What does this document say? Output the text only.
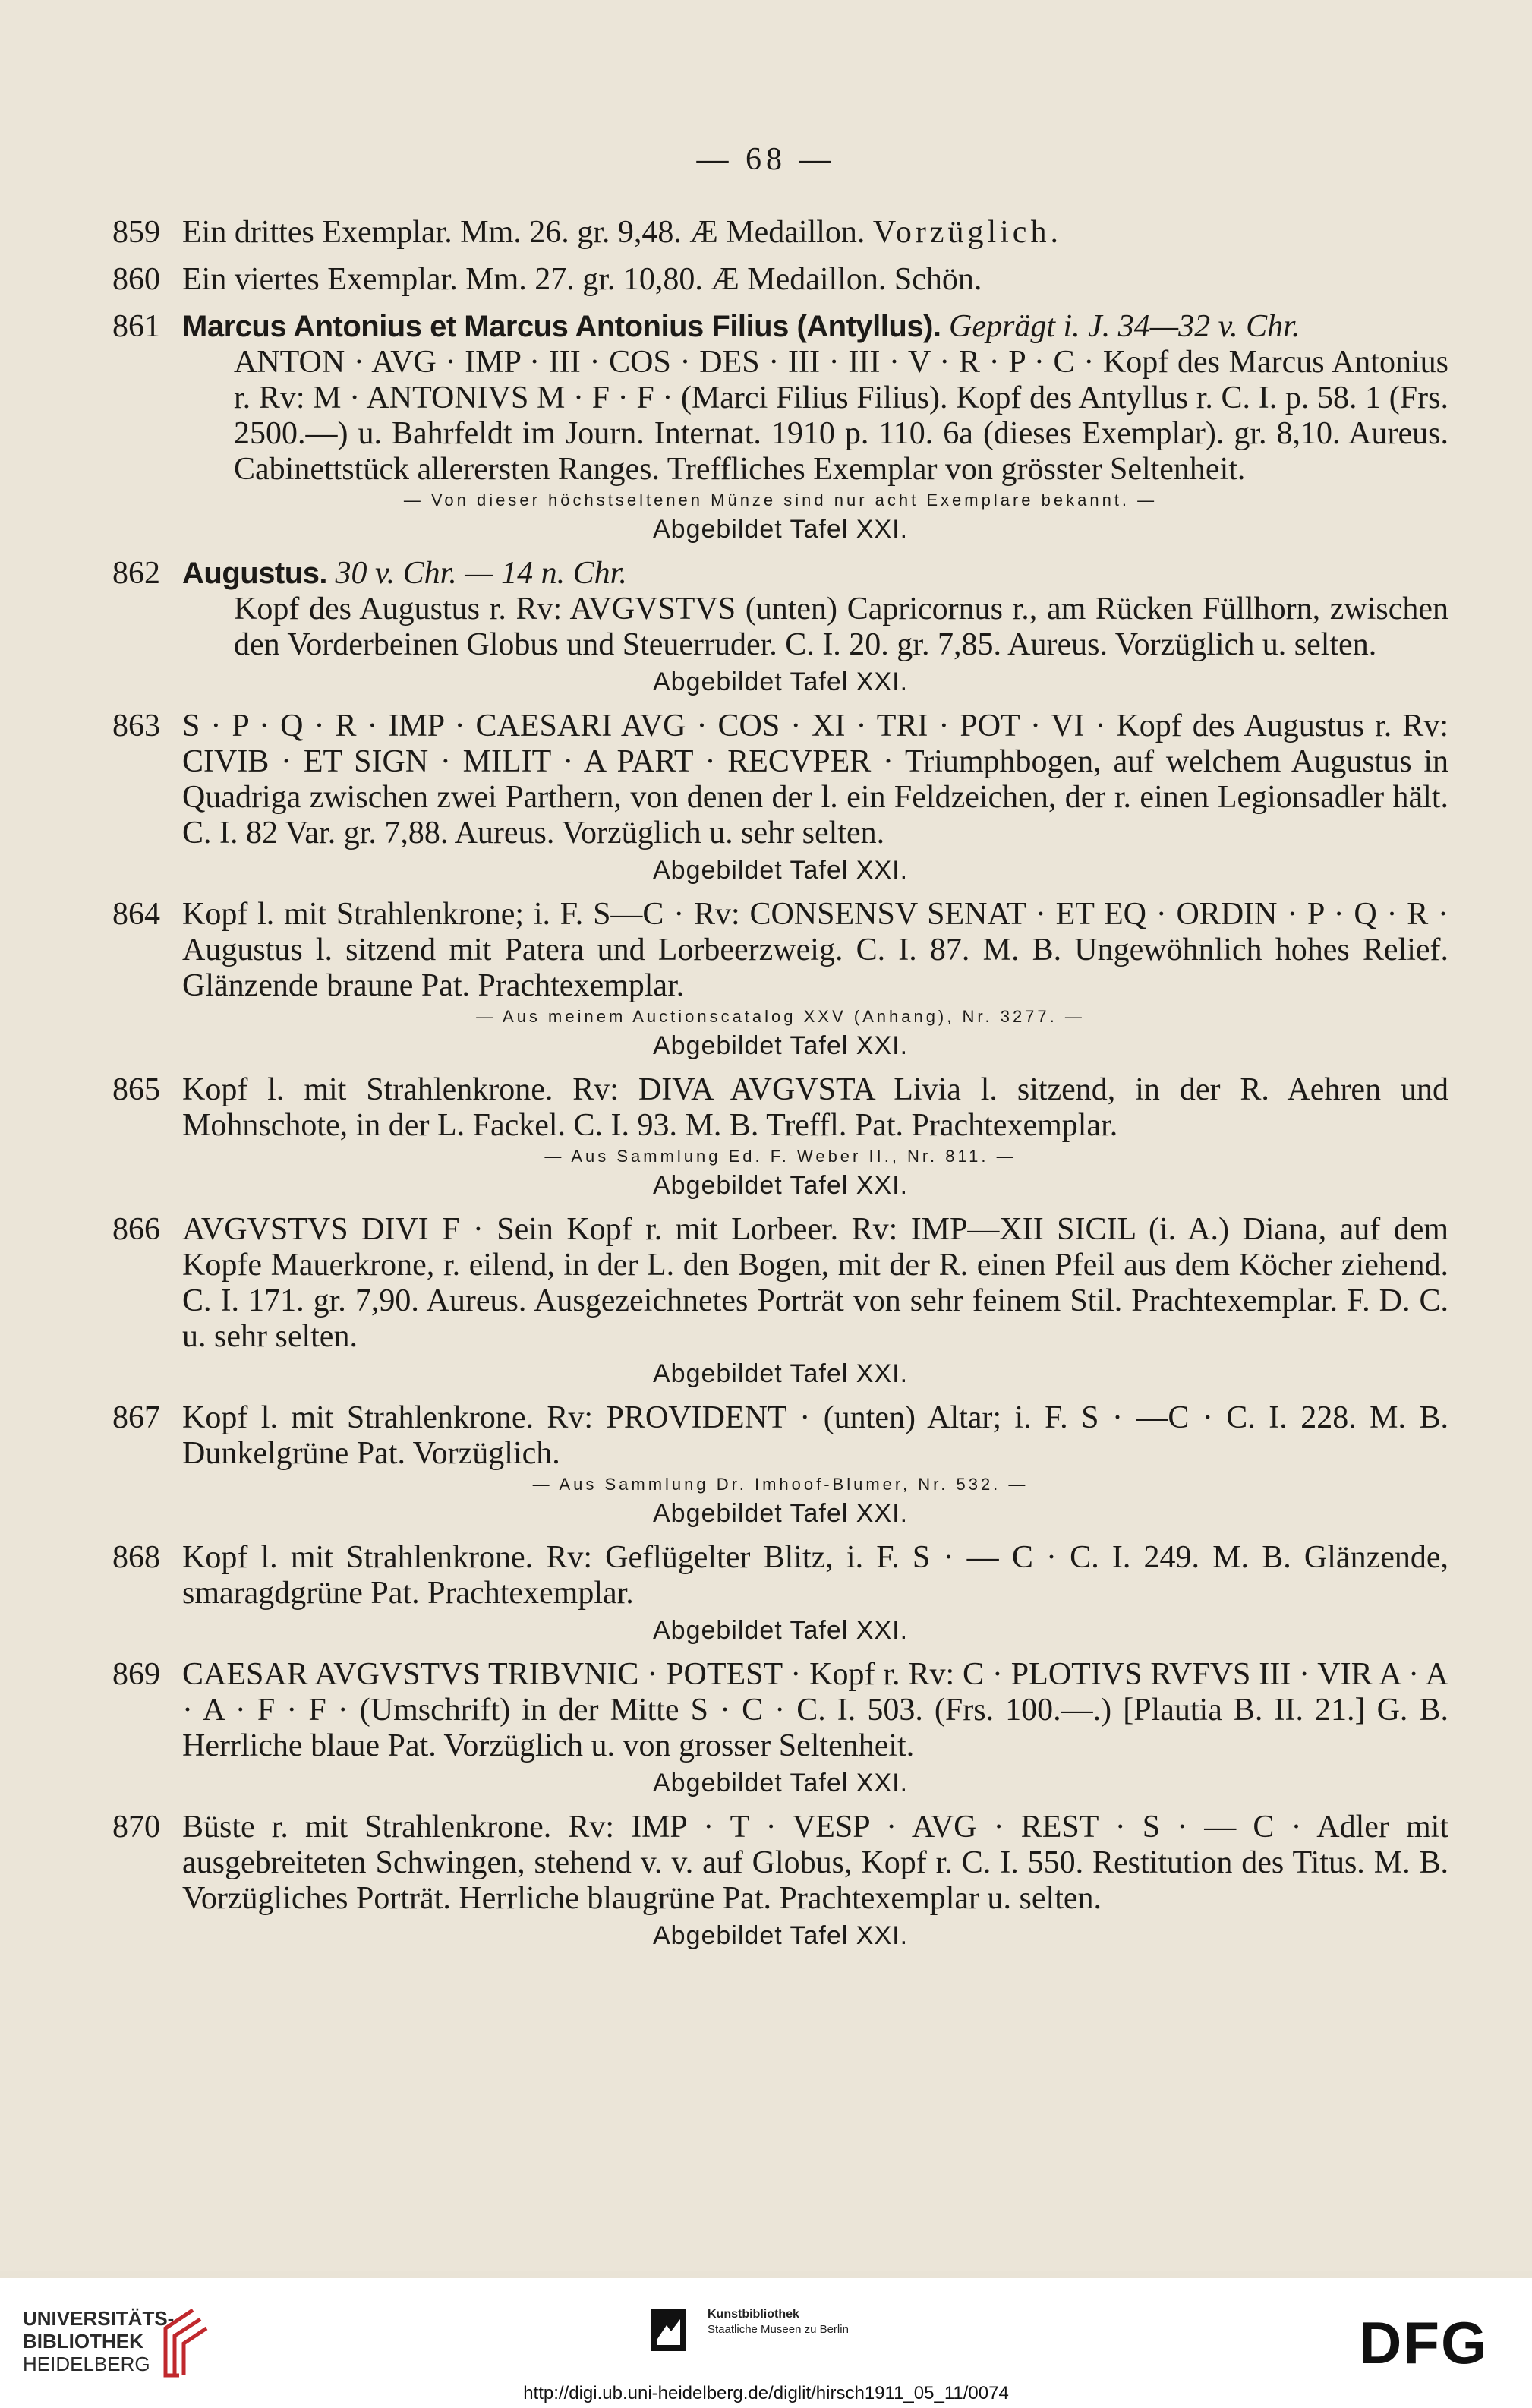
— 68 —
859 Ein drittes Exemplar. Mm. 26. gr. 9,48. Æ Medaillon. Vorzüglich.
860 Ein viertes Exemplar. Mm. 27. gr. 10,80. Æ Medaillon. Schön.
861 Marcus Antonius et Marcus Antonius Filius (Antyllus). Geprägt i. J. 34—32 v. Chr.
ANTON · AVG · IMP · III · COS · DES · III · III · V · R · P · C · Kopf des Marcus Antonius r. Rv: M · ANTONIVS M · F · F · (Marci Filius Filius). Kopf des Antyllus r. C. I. p. 58. 1 (Frs. 2500.—) u. Bahrfeldt im Journ. Internat. 1910 p. 110. 6a (dieses Exemplar). gr. 8,10. Aureus. Cabinettstück allerersten Ranges. Treffliches Exemplar von grösster Seltenheit.
— Von dieser höchstseltenen Münze sind nur acht Exemplare bekannt. —
Abgebildet Tafel XXI.
862 Augustus. 30 v. Chr. — 14 n. Chr.
Kopf des Augustus r. Rv: AVGVSTVS (unten) Capricornus r., am Rücken Füllhorn, zwischen den Vorderbeinen Globus und Steuerruder. C. I. 20. gr. 7,85. Aureus. Vorzüglich u. selten.
Abgebildet Tafel XXI.
863 S · P · Q · R · IMP · CAESARI AVG · COS · XI · TRI · POT · VI · Kopf des Augustus r. Rv: CIVIB · ET SIGN · MILIT · A PART · RECVPER · Triumphbogen, auf welchem Augustus in Quadriga zwischen zwei Parthern, von denen der l. ein Feldzeichen, der r. einen Legionsadler hält. C. I. 82 Var. gr. 7,88. Aureus. Vorzüglich u. sehr selten.
Abgebildet Tafel XXI.
864 Kopf l. mit Strahlenkrone; i. F. S—C · Rv: CONSENSV SENAT · ET EQ · ORDIN · P · Q · R · Augustus l. sitzend mit Patera und Lorbeerzweig. C. I. 87. M. B. Ungewöhnlich hohes Relief. Glänzende braune Pat. Prachtexemplar.
— Aus meinem Auctionscatalog XXV (Anhang), Nr. 3277. —
Abgebildet Tafel XXI.
865 Kopf l. mit Strahlenkrone. Rv: DIVA AVGVSTA Livia l. sitzend, in der R. Aehren und Mohnschote, in der L. Fackel. C. I. 93. M. B. Treffl. Pat. Prachtexemplar.
— Aus Sammlung Ed. F. Weber II., Nr. 811. —
Abgebildet Tafel XXI.
866 AVGVSTVS DIVI F · Sein Kopf r. mit Lorbeer. Rv: IMP—XII SICIL (i. A.) Diana, auf dem Kopfe Mauerkrone, r. eilend, in der L. den Bogen, mit der R. einen Pfeil aus dem Köcher ziehend. C. I. 171. gr. 7,90. Aureus. Ausgezeichnetes Porträt von sehr feinem Stil. Prachtexemplar. F. D. C. u. sehr selten.
Abgebildet Tafel XXI.
867 Kopf l. mit Strahlenkrone. Rv: PROVIDENT · (unten) Altar; i. F. S · —C · C. I. 228. M. B. Dunkelgrüne Pat. Vorzüglich.
— Aus Sammlung Dr. Imhoof-Blumer, Nr. 532. —
Abgebildet Tafel XXI.
868 Kopf l. mit Strahlenkrone. Rv: Geflügelter Blitz, i. F. S · — C · C. I. 249. M. B. Glänzende, smaragdgrüne Pat. Prachtexemplar.
Abgebildet Tafel XXI.
869 CAESAR AVGVSTVS TRIBVNIC · POTEST · Kopf r. Rv: C · PLOTIVS RVFVS III · VIR A · A · A · F · F · (Umschrift) in der Mitte S · C · C. I. 503. (Frs. 100.—.) [Plautia B. II. 21.] G. B. Herrliche blaue Pat. Vorzüglich u. von grosser Seltenheit.
Abgebildet Tafel XXI.
870 Büste r. mit Strahlenkrone. Rv: IMP · T · VESP · AVG · REST · S · — C · Adler mit ausgebreiteten Schwingen, stehend v. v. auf Globus, Kopf r. C. I. 550. Restitution des Titus. M. B. Vorzügliches Porträt. Herrliche blaugrüne Pat. Prachtexemplar u. selten.
Abgebildet Tafel XXI.
UNIVERSITÄTS-
BIBLIOTHEK
HEIDELBERG
Kunstbibliothek
Staatliche Museen zu Berlin	DFG
http://digi.ub.uni-heidelberg.de/diglit/hirsch1911_05_11/0074
